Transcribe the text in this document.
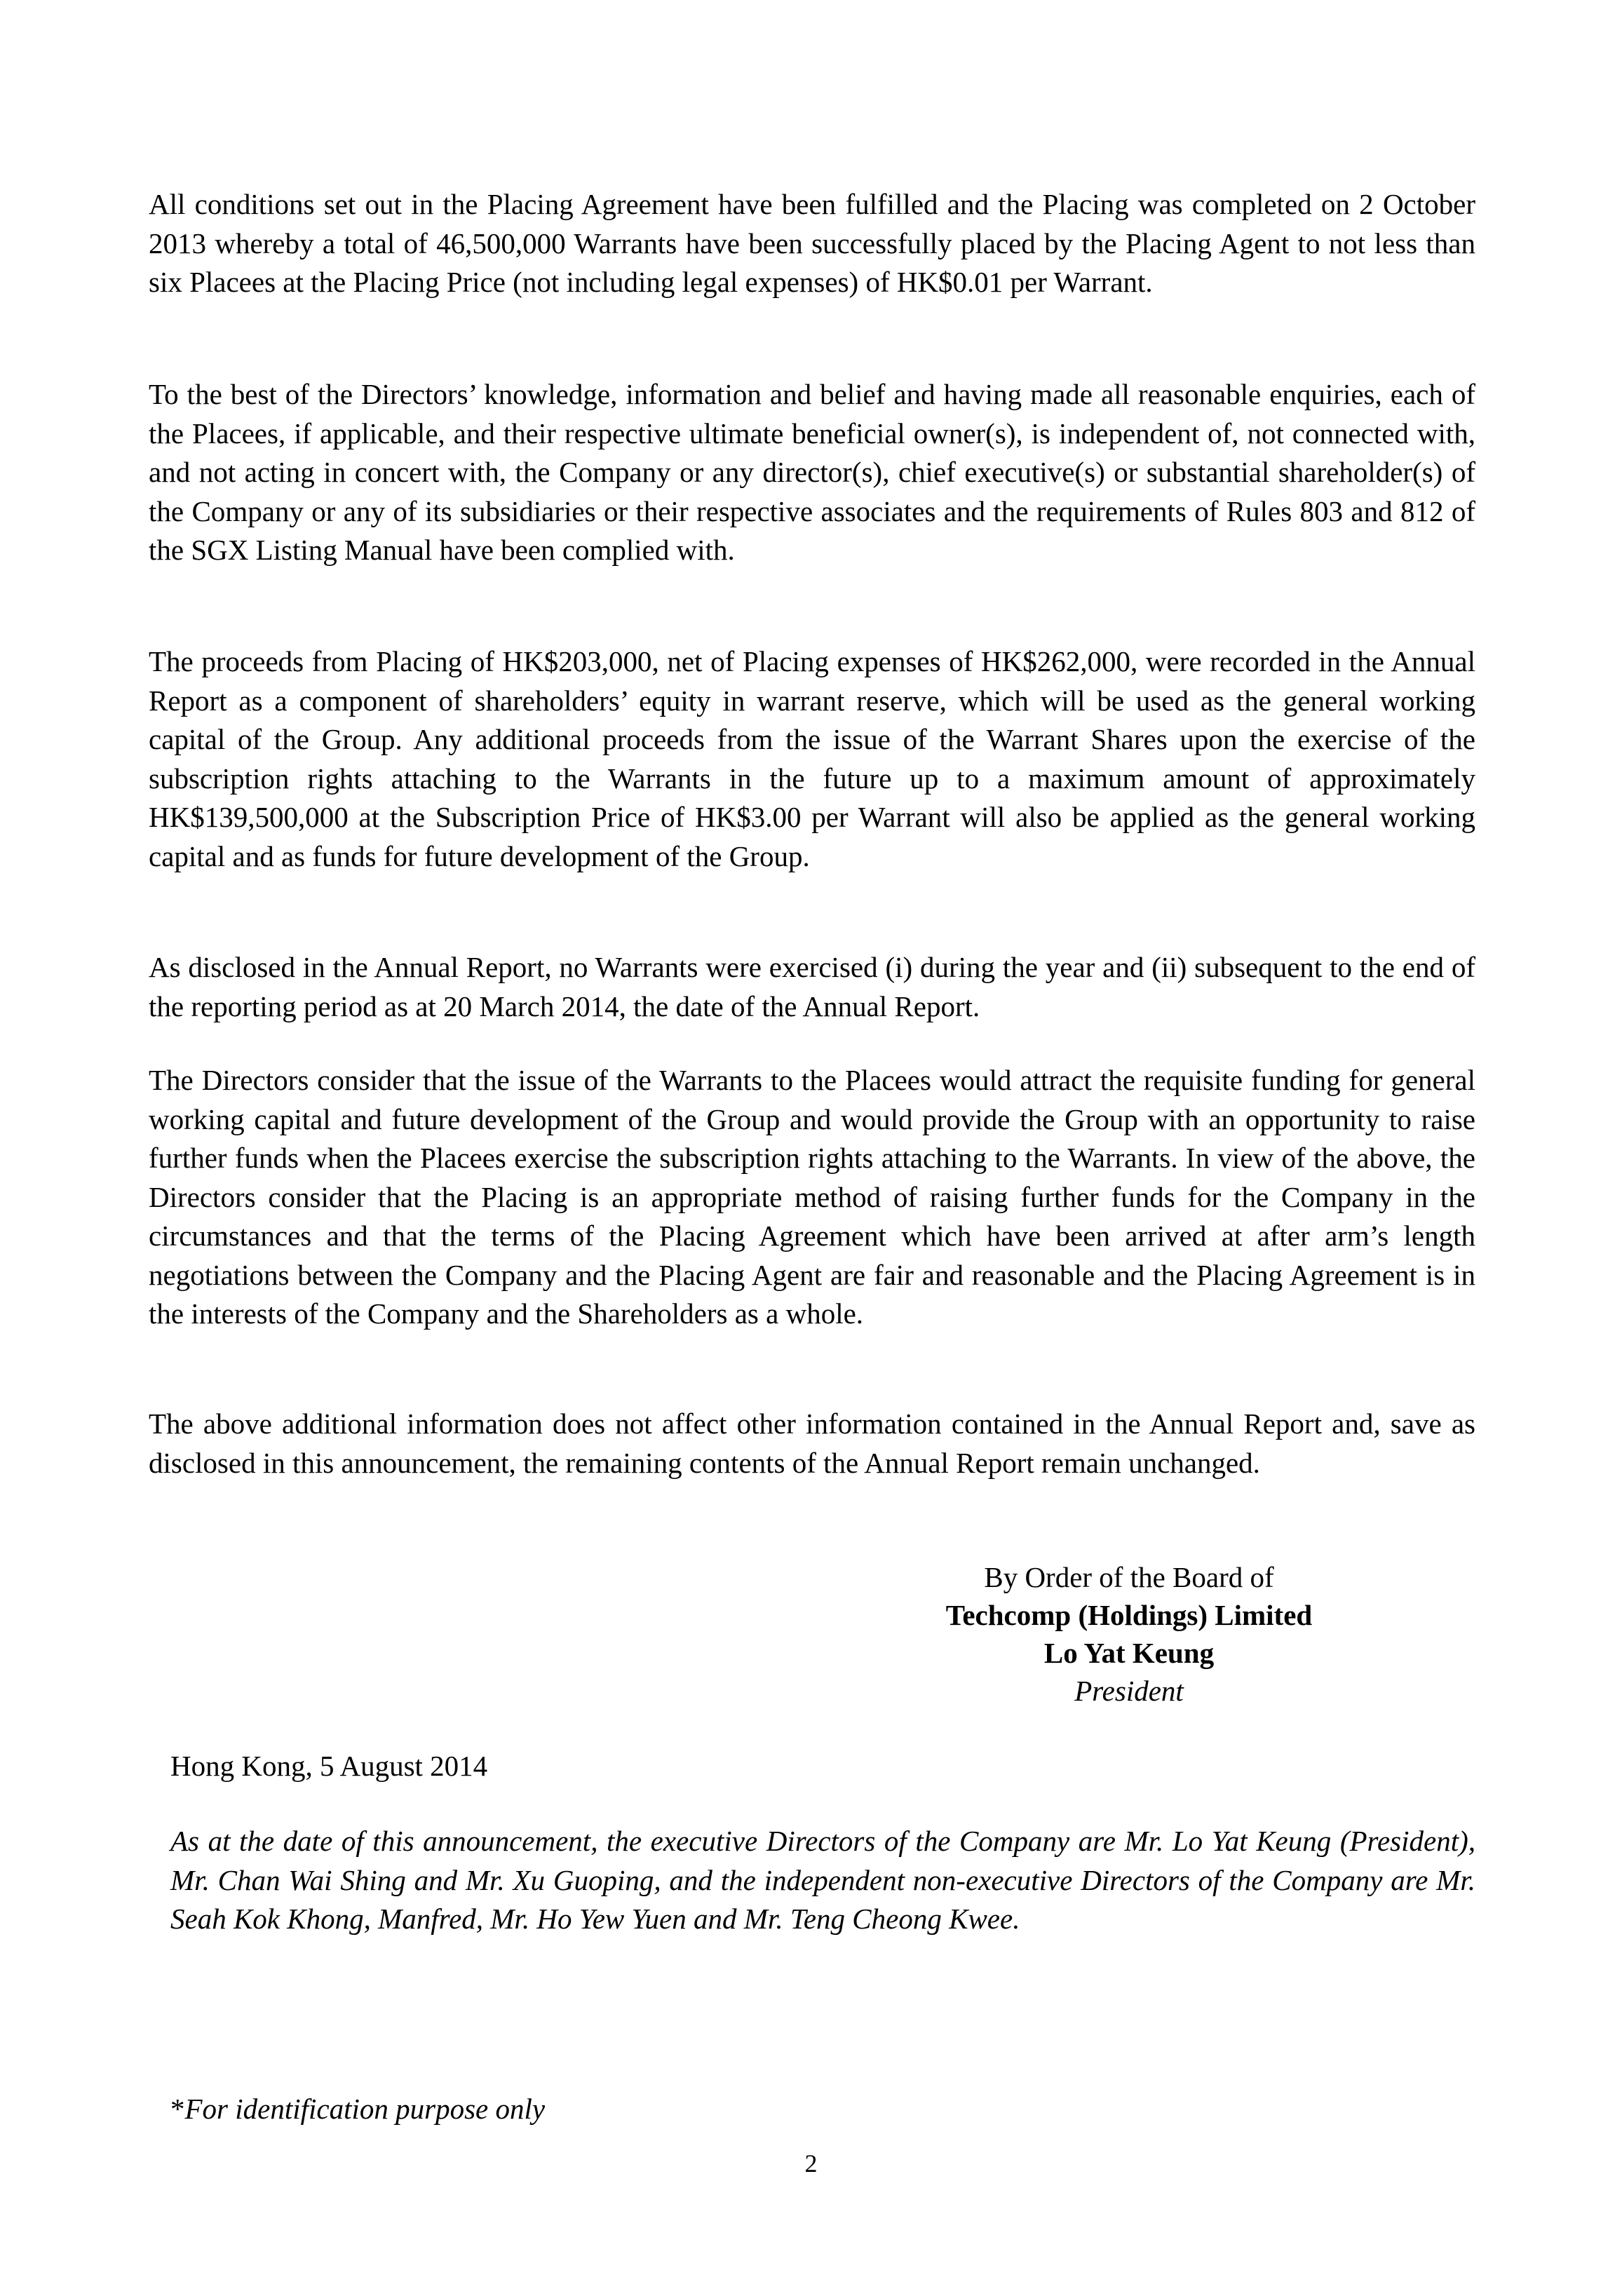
All conditions set out in the Placing Agreement have been fulfilled and the Placing was completed on 2 October 2013 whereby a total of 46,500,000 Warrants have been successfully placed by the Placing Agent to not less than six Placees at the Placing Price (not including legal expenses) of HK$0.01 per Warrant.

To the best of the Directors’ knowledge, information and belief and having made all reasonable enquiries, each of the Placees, if applicable, and their respective ultimate beneficial owner(s), is independent of, not connected with, and not acting in concert with, the Company or any director(s), chief executive(s) or substantial shareholder(s) of the Company or any of its subsidiaries or their respective associates and the requirements of Rules 803 and 812 of the SGX Listing Manual have been complied with.

The proceeds from Placing of HK$203,000, net of Placing expenses of HK$262,000, were recorded in the Annual Report as a component of shareholders’ equity in warrant reserve, which will be used as the general working capital of the Group. Any additional proceeds from the issue of the Warrant Shares upon the exercise of the subscription rights attaching to the Warrants in the future up to a maximum amount of approximately HK$139,500,000 at the Subscription Price of HK$3.00 per Warrant will also be applied as the general working capital and as funds for future development of the Group.

As disclosed in the Annual Report, no Warrants were exercised (i) during the year and (ii) subsequent to the end of the reporting period as at 20 March 2014, the date of the Annual Report.

The Directors consider that the issue of the Warrants to the Placees would attract the requisite funding for general working capital and future development of the Group and would provide the Group with an opportunity to raise further funds when the Placees exercise the subscription rights attaching to the Warrants. In view of the above, the Directors consider that the Placing is an appropriate method of raising further funds for the Company in the circumstances and that the terms of the Placing Agreement which have been arrived at after arm’s length negotiations between the Company and the Placing Agent are fair and reasonable and the Placing Agreement is in the interests of the Company and the Shareholders as a whole.

The above additional information does not affect other information contained in the Annual Report and, save as disclosed in this announcement, the remaining contents of the Annual Report remain unchanged.

By Order of the Board of
Techcomp (Holdings) Limited
Lo Yat Keung
President

Hong Kong, 5 August 2014

As at the date of this announcement, the executive Directors of the Company are Mr. Lo Yat Keung (President), Mr. Chan Wai Shing and Mr. Xu Guoping, and the independent non-executive Directors of the Company are Mr. Seah Kok Khong, Manfred, Mr. Ho Yew Yuen and Mr. Teng Cheong Kwee.

*For identification purpose only

2
